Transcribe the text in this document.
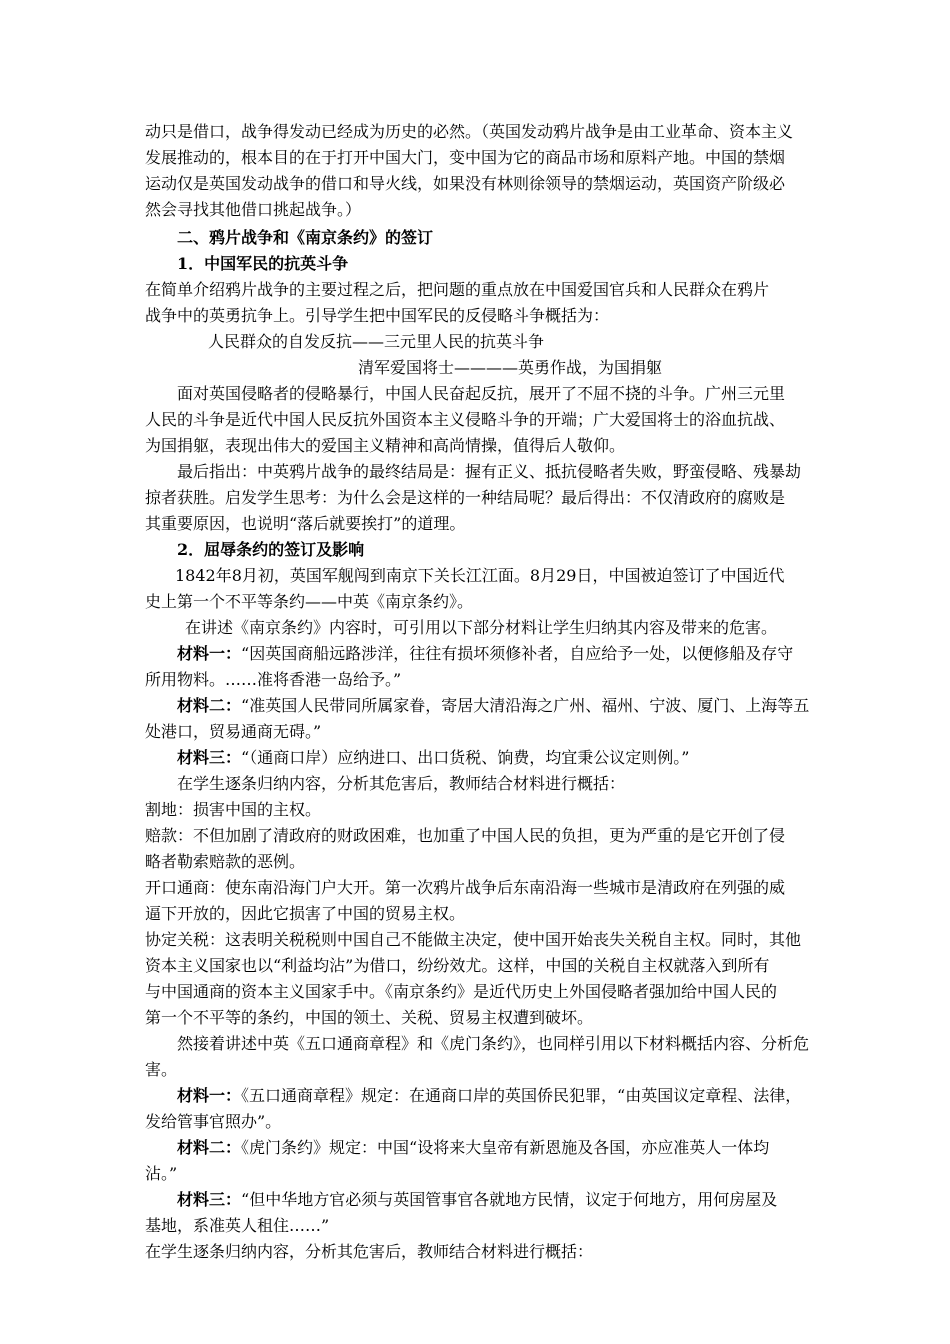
动只是借口，战争得发动已经成为历史的必然。（英国发动鸦片战争是由工业革命、资本主义
发展推动的，根本目的在于打开中国大门，变中国为它的商品市场和原料产地。中国的禁烟
运动仅是英国发动战争的借口和导火线，如果没有林则徐领导的禁烟运动，英国资产阶级必
然会寻找其他借口挑起战争。）
二、鸦片战争和《南京条约》的签订
1．中国军民的抗英斗争
在简单介绍鸦片战争的主要过程之后，把问题的重点放在中国爱国官兵和人民群众在鸦片
战争中的英勇抗争上。引导学生把中国军民的反侵略斗争概括为：
人民群众的自发反抗——三元里人民的抗英斗争
清军爱国将士————英勇作战，为国捐躯
面对英国侵略者的侵略暴行，中国人民奋起反抗，展开了不屈不挠的斗争。广州三元里
人民的斗争是近代中国人民反抗外国资本主义侵略斗争的开端；广大爱国将士的浴血抗战、
为国捐躯，表现出伟大的爱国主义精神和高尚情操，值得后人敬仰。
最后指出：中英鸦片战争的最终结局是：握有正义、抵抗侵略者失败，野蛮侵略、残暴劫
掠者获胜。启发学生思考：为什么会是这样的一种结局呢？最后得出：不仅清政府的腐败是
其重要原因，也说明“落后就要挨打”的道理。
2．屈辱条约的签订及影响
1842年8月初，英国军舰闯到南京下关长江江面。8月29日，中国被迫签订了中国近代
史上第一个不平等条约——中英《南京条约》。
在讲述《南京条约》内容时，可引用以下部分材料让学生归纳其内容及带来的危害。
材料一：“因英国商船远路涉洋，往往有损坏须修补者，自应给予一处，以便修船及存守
所用物料。……准将香港一岛给予。”
材料二：“准英国人民带同所属家眷，寄居大清沿海之广州、福州、宁波、厦门、上海等五
处港口，贸易通商无碍。”
材料三：“（通商口岸）应纳进口、出口货税、饷费，均宜秉公议定则例。”
在学生逐条归纳内容，分析其危害后，教师结合材料进行概括：
割地：损害中国的主权。
赔款：不但加剧了清政府的财政困难，也加重了中国人民的负担，更为严重的是它开创了侵
略者勒索赔款的恶例。
开口通商：使东南沿海门户大开。第一次鸦片战争后东南沿海一些城市是清政府在列强的威
逼下开放的，因此它损害了中国的贸易主权。
协定关税：这表明关税税则中国自己不能做主决定，使中国开始丧失关税自主权。同时，其他
资本主义国家也以“利益均沾”为借口，纷纷效尤。这样，中国的关税自主权就落入到所有
与中国通商的资本主义国家手中。《南京条约》是近代历史上外国侵略者强加给中国人民的
第一个不平等的条约，中国的领土、关税、贸易主权遭到破坏。
然接着讲述中英《五口通商章程》和《虎门条约》，也同样引用以下材料概括内容、分析危
害。
材料一：《五口通商章程》规定：在通商口岸的英国侨民犯罪，“由英国议定章程、法律，
发给管事官照办”。
材料二：《虎门条约》规定：中国“设将来大皇帝有新恩施及各国，亦应准英人一体均
沾。”
材料三：“但中华地方官必须与英国管事官各就地方民情，议定于何地方，用何房屋及
基地，系准英人租住……”
在学生逐条归纳内容，分析其危害后，教师结合材料进行概括：
